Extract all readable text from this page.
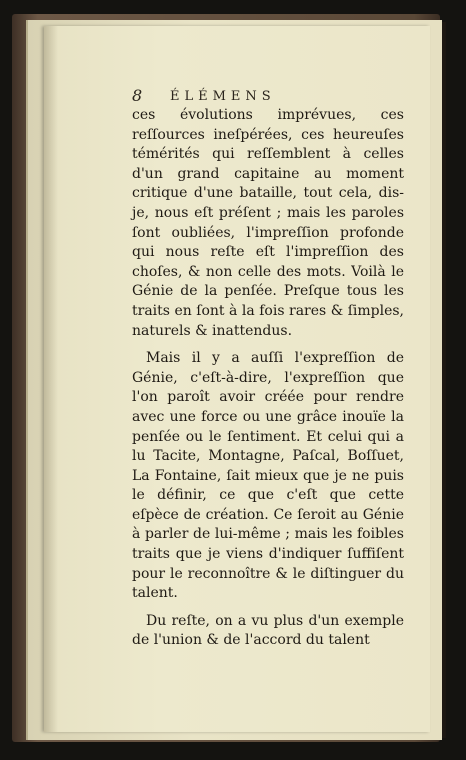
8 ÉLÉMENS

ces évolutions imprévues, ces reſſources ineſpérées, ces heureuſes témérités qui reſſemblent à celles d'un grand capitaine au moment critique d'une bataille, tout cela, dis-je, nous eſt préſent ; mais les paroles ſont oubliées, l'impreſſion profonde qui nous reſte eſt l'impreſſion des choſes, & non celle des mots. Voilà le Génie de la penſée. Preſque tous les traits en ſont à la fois rares & ſimples, naturels & inattendus.

Mais il y a auſſi l'expreſſion de Génie, c'eſt-à-dire, l'expreſſion que l'on paroît avoir créée pour rendre avec une force ou une grâce inouïe la penſée ou le ſentiment. Et celui qui a lu Tacite, Montagne, Paſcal, Boſſuet, La Fontaine, ſait mieux que je ne puis le définir, ce que c'eſt que cette eſpèce de création. Ce ſeroit au Génie à parler de lui-même ; mais les foibles traits que je viens d'indiquer ſuffiſent pour le reconnoître & le diſtinguer du talent.

Du reſte, on a vu plus d'un exemple de l'union & de l'accord du talent
